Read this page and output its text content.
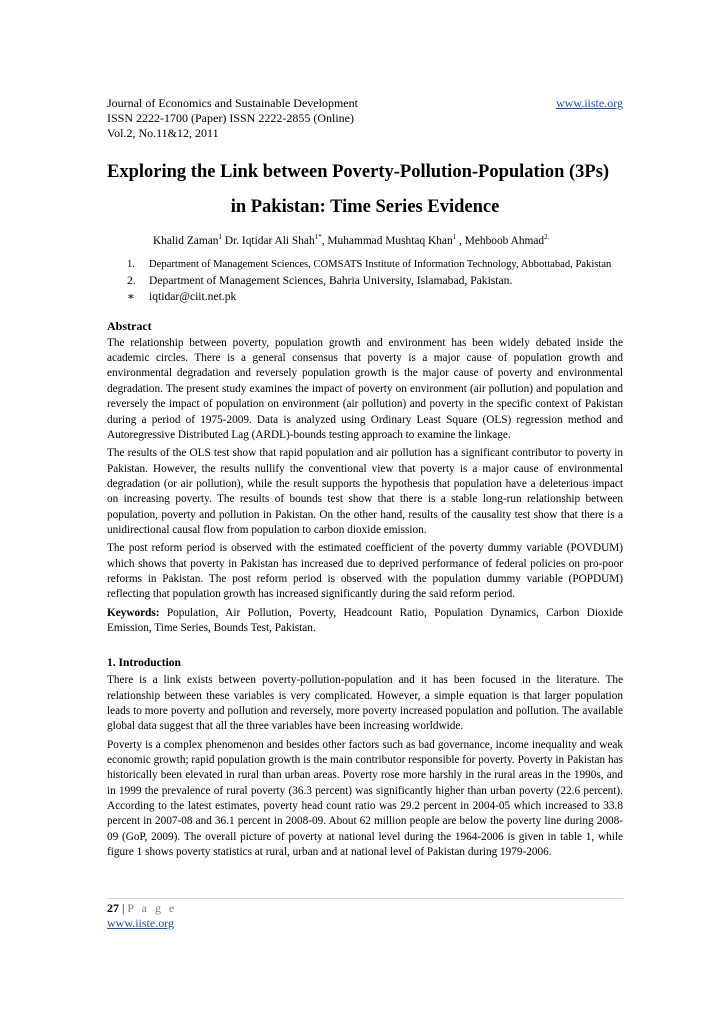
Journal of Economics and Sustainable Development	www.iiste.org
ISSN 2222-1700 (Paper) ISSN 2222-2855 (Online)
Vol.2, No.11&12, 2011
Exploring the Link between Poverty-Pollution-Population (3Ps)
in Pakistan: Time Series Evidence
Khalid Zaman$^1$ Dr. Iqtidar Ali Shah$^{1*}$, Muhammad Mushtaq Khan$^1$ , Mehboob Ahmad$^{2.}$
1.	Department of Management Sciences, COMSATS Institute of Information Technology, Abbottabad, Pakistan
2.	Department of Management Sciences, Bahria University, Islamabad, Pakistan.
∗	iqtidar@ciit.net.pk
Abstract

The relationship between poverty, population growth and environment has been widely debated inside the academic circles. There is a general consensus that poverty is a major cause of population growth and environmental degradation and reversely population growth is the major cause of poverty and environmental degradation. The present study examines the impact of poverty on environment (air pollution) and population and reversely the impact of population on environment (air pollution) and poverty in the specific context of Pakistan during a period of 1975-2009. Data is analyzed using Ordinary Least Square (OLS) regression method and Autoregressive Distributed Lag (ARDL)-bounds testing approach to examine the linkage.

The results of the OLS test show that rapid population and air pollution has a significant contributor to poverty in Pakistan. However, the results nullify the conventional view that poverty is a major cause of environmental degradation (or air pollution), while the result supports the hypothesis that population have a deleterious impact on increasing poverty. The results of bounds test show that there is a stable long-run relationship between population, poverty and pollution in Pakistan. On the other hand, results of the causality test show that there is a unidirectional causal flow from population to carbon dioxide emission.

The post reform period is observed with the estimated coefficient of the poverty dummy variable (POVDUM) which shows that poverty in Pakistan has increased due to deprived performance of federal policies on pro-poor reforms in Pakistan. The post reform period is observed with the population dummy variable (POPDUM) reflecting that population growth has increased significantly during the said reform period.

Keywords: Population, Air Pollution, Poverty, Headcount Ratio, Population Dynamics, Carbon Dioxide Emission, Time Series, Bounds Test, Pakistan.

1. Introduction

There is a link exists between poverty-pollution-population and it has been focused in the literature. The relationship between these variables is very complicated. However, a simple equation is that larger population leads to more poverty and pollution and reversely, more poverty increased population and pollution. The available global data suggest that all the three variables have been increasing worldwide.

Poverty is a complex phenomenon and besides other factors such as bad governance, income inequality and weak economic growth; rapid population growth is the main contributor responsible for poverty. Poverty in Pakistan has historically been elevated in rural than urban areas. Poverty rose more harshly in the rural areas in the 1990s, and in 1999 the prevalence of rural poverty (36.3 percent) was significantly higher than urban poverty (22.6 percent). According to the latest estimates, poverty head count ratio was 29.2 percent in 2004-05 which increased to 33.8 percent in 2007-08 and 36.1 percent in 2008-09. About 62 million people are below the poverty line during 2008-09 (GoP, 2009). The overall picture of poverty at national level during the 1964-2006 is given in table 1, while figure 1 shows poverty statistics at rural, urban and at national level of Pakistan during 1979-2006.

27 | P a g e
www.iiste.org
